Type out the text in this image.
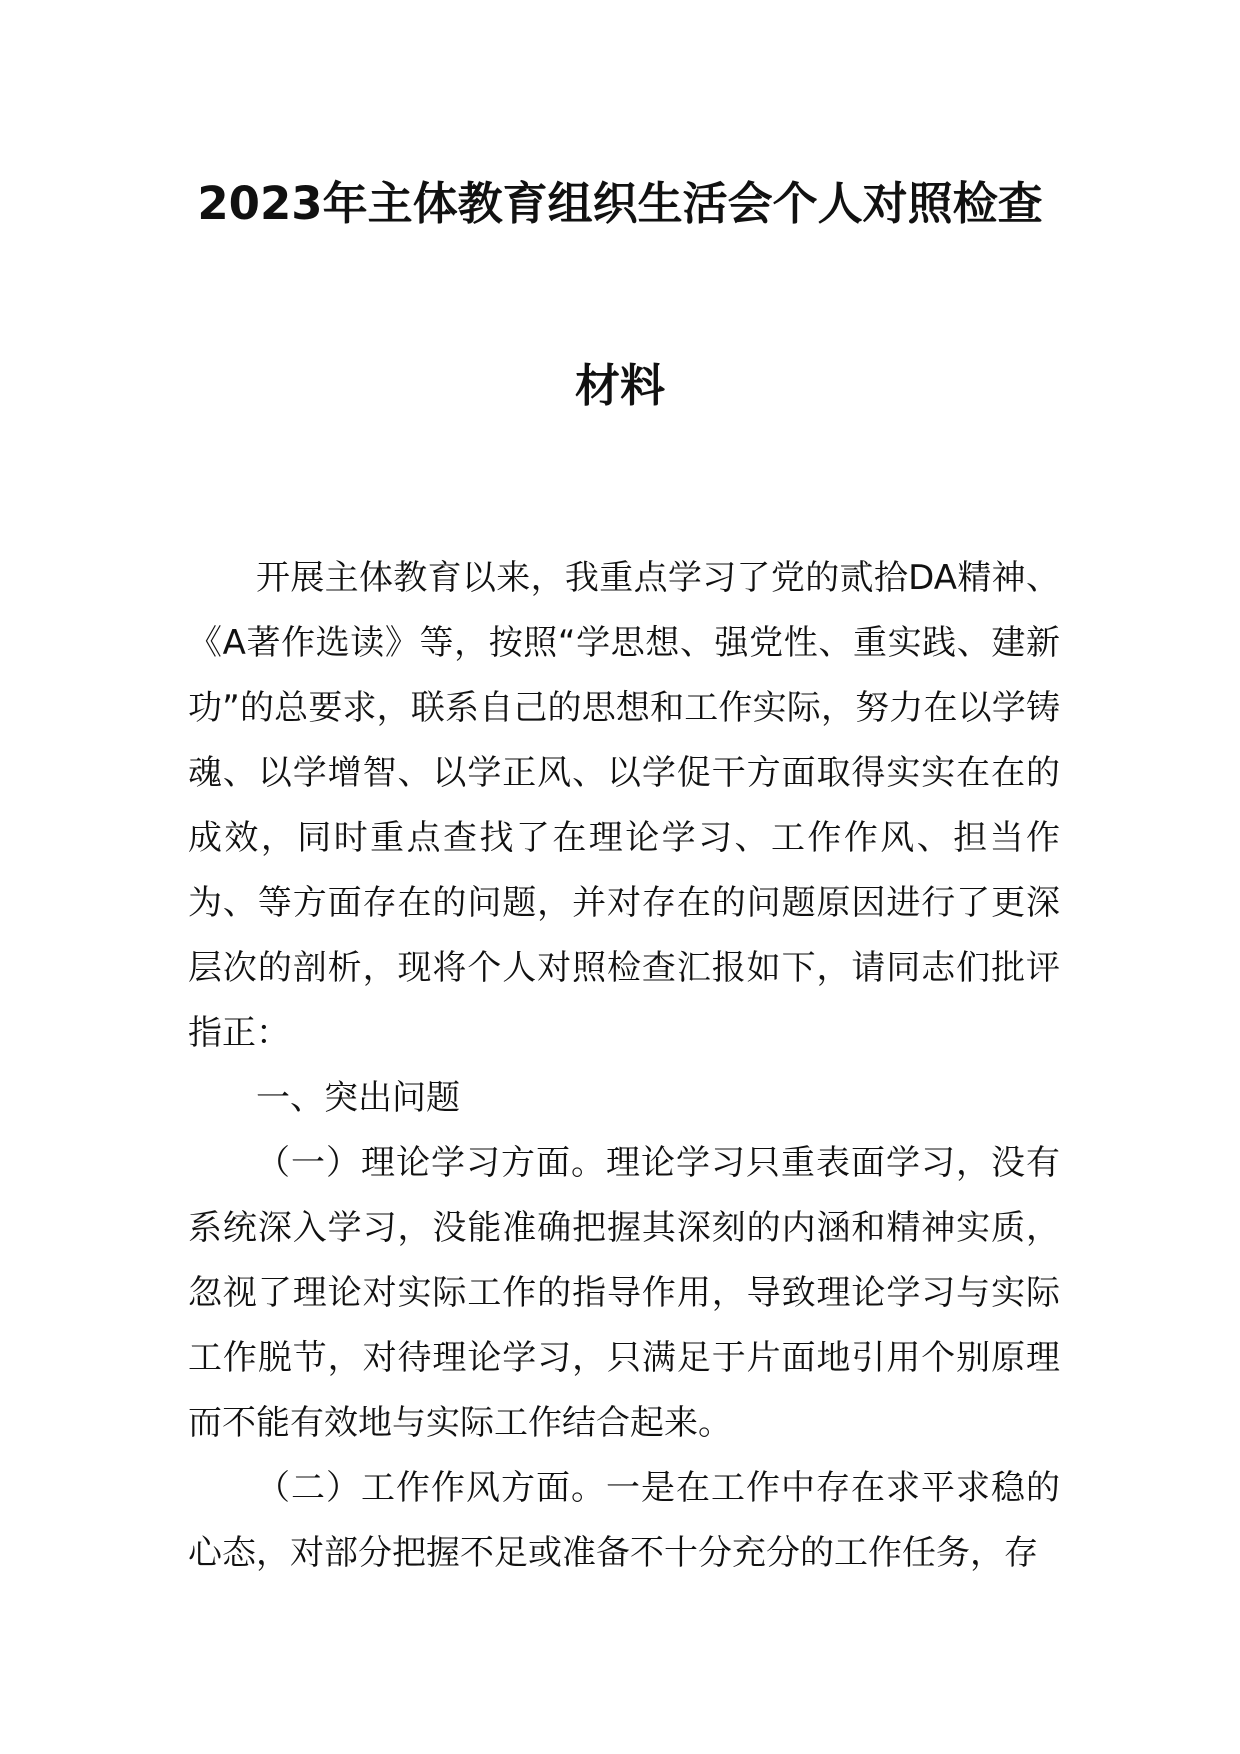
2023年主体教育组织生活会个人对照检查
材料

开展主体教育以来，我重点学习了党的贰拾DA精神、《A著作选读》等，按照“学思想、强党性、重实践、建新功”的总要求，联系自己的思想和工作实际，努力在以学铸魂、以学增智、以学正风、以学促干方面取得实实在在的成效，同时重点查找了在理论学习、工作作风、担当作为、等方面存在的问题，并对存在的问题原因进行了更深层次的剖析，现将个人对照检查汇报如下，请同志们批评指正：

一、突出问题

（一）理论学习方面。理论学习只重表面学习，没有系统深入学习，没能准确把握其深刻的内涵和精神实质，忽视了理论对实际工作的指导作用，导致理论学习与实际工作脱节，对待理论学习，只满足于片面地引用个别原理而不能有效地与实际工作结合起来。

（二）工作作风方面。一是在工作中存在求平求稳的心态，对部分把握不足或准备不十分充分的工作任务，存
